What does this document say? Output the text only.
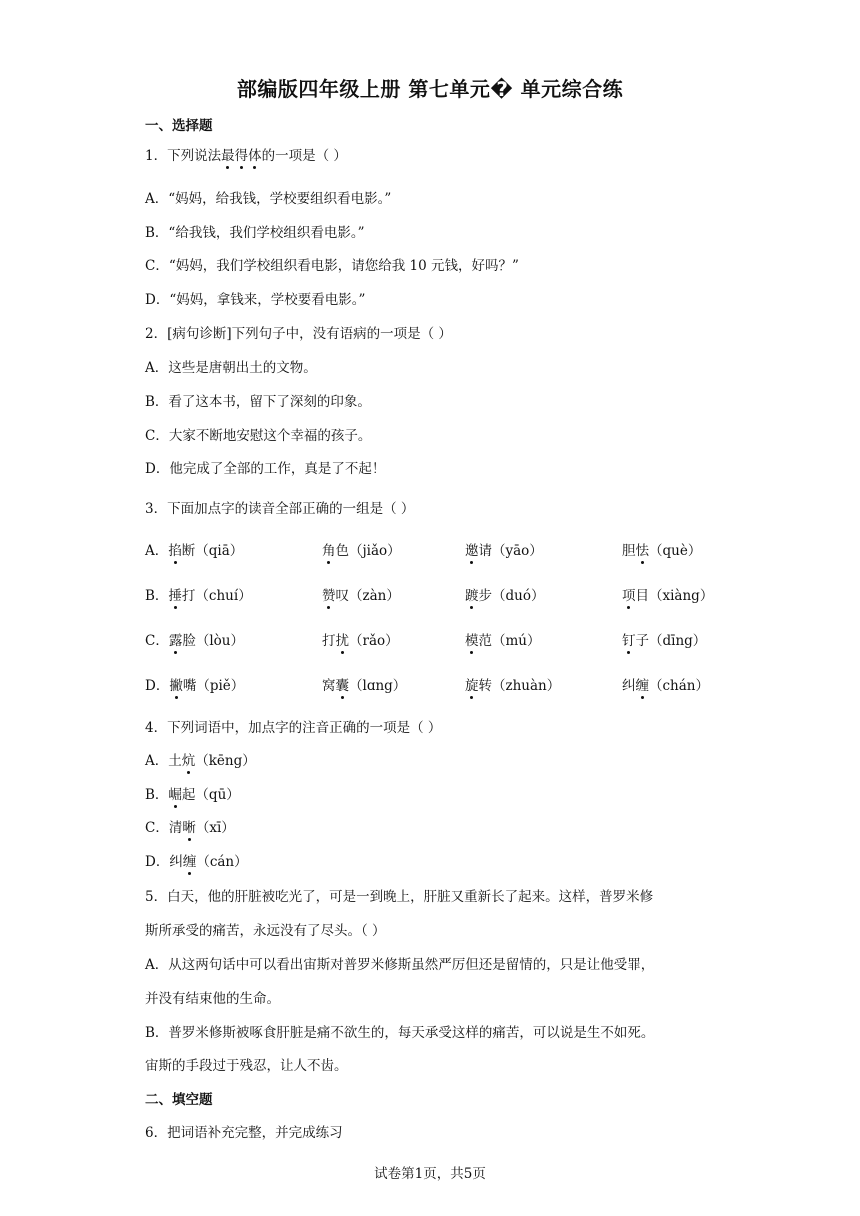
部编版四年级上册 第七单元� 单元综合练
一、选择题
1．下列说法最得体的一项是（ ）
A．“妈妈，给我钱，学校要组织看电影。”
B．“给我钱，我们学校组织看电影。”
C．“妈妈，我们学校组织看电影，请您给我 10 元钱，好吗？”
D．“妈妈，拿钱来，学校要看电影。”
2．[病句诊断]下列句子中，没有语病的一项是（ ）
A．这些是唐朝出土的文物。
B．看了这本书，留下了深刻的印象。
C．大家不断地安慰这个幸福的孩子。
D．他完成了全部的工作，真是了不起！
3．下面加点字的读音全部正确的一组是（ ）
A．掐断（qiā）	角色（jiǎo）	邀请（yāo）	胆怯（què）
B．捶打（chuí）	赞叹（zàn）	踱步（duó）	项目（xiàng）
C．露脸（lòu）	打扰（rǎo）	模范（mú）	钉子（dīng）
D．撇嘴（piě）	窝囊（lɑng）	旋转（zhuàn）	纠缠（chán）
4．下列词语中，加点字的注音正确的一项是（ ）
A．土炕（kēng）
B．崛起（qū）
C．清晰（xī）
D．纠缠（cán）
5．白天，他的肝脏被吃光了，可是一到晚上，肝脏又重新长了起来。这样，普罗米修
斯所承受的痛苦，永远没有了尽头。（ ）
A．从这两句话中可以看出宙斯对普罗米修斯虽然严厉但还是留情的，只是让他受罪，
并没有结束他的生命。
B．普罗米修斯被啄食肝脏是痛不欲生的，每天承受这样的痛苦，可以说是生不如死。
宙斯的手段过于残忍，让人不齿。
二、填空题
6．把词语补充完整，并完成练习
试卷第1页，共5页
